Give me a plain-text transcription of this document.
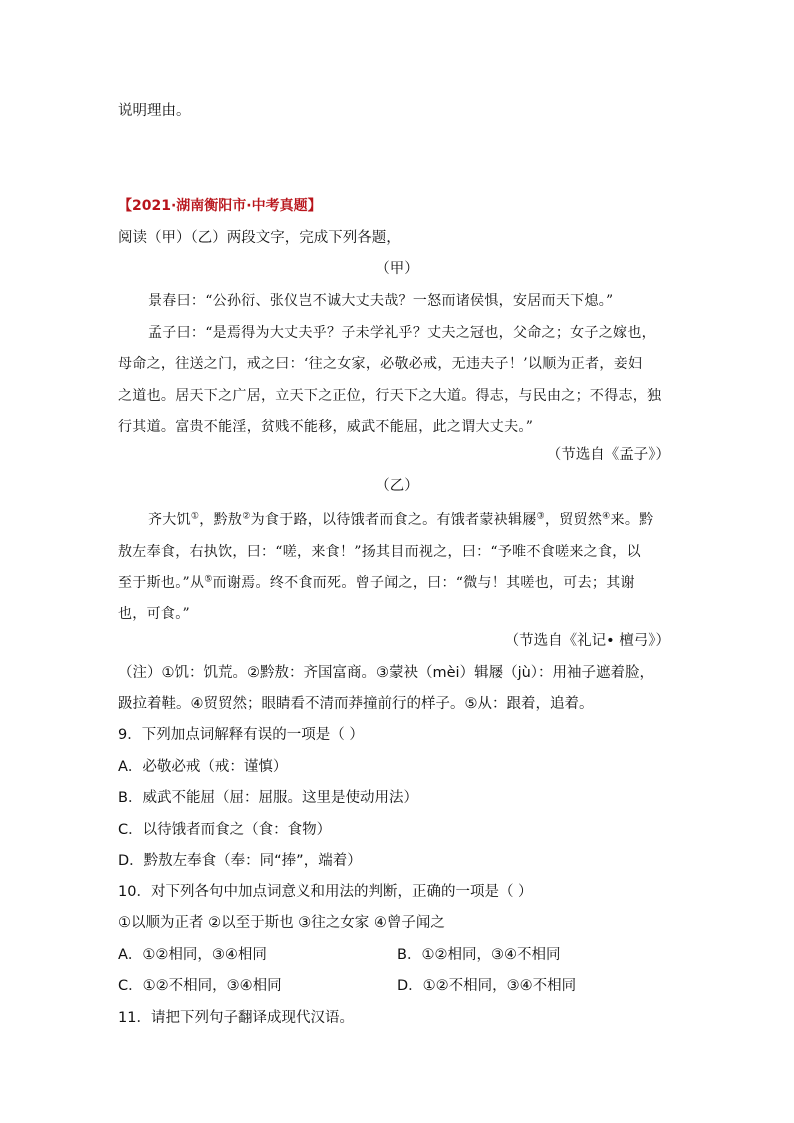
说明理由。
【2021·湖南衡阳市·中考真题】
阅读（甲）（乙）两段文字，完成下列各题，
（甲）
景春曰：“公孙衍、张仪岂不诚大丈夫哉？一怒而诸侯惧，安居而天下熄。”
孟子曰：“是焉得为大丈夫乎？子未学礼乎？丈夫之冠也，父命之；女子之嫁也，
母命之，往送之门，戒之曰：‘往之女家，必敬必戒，无违夫子！’以顺为正者，妾妇
之道也。居天下之广居，立天下之正位，行天下之大道。得志，与民由之；不得志，独
行其道。富贵不能淫，贫贱不能移，威武不能屈，此之谓大丈夫。”
（节选自《孟子》）
（乙）
齐大饥①，黔敖②为食于路，以待饿者而食之。有饿者蒙袂辑屦③，贸贸然④来。黔
敖左奉食，右执饮，曰：“嗟，来食！”扬其目而视之，曰：“予唯不食嗟来之食，以
至于斯也。”从⑤而谢焉。终不食而死。曾子闻之，曰：“微与！其嗟也，可去；其谢
也，可食。”
（节选自《礼记• 檀弓》）
（注）①饥：饥荒。②黔敖：齐国富商。③蒙袂（mèi）辑屦（jù）：用袖子遮着脸，
趿拉着鞋。④贸贸然；眼睛看不清而莽撞前行的样子。⑤从：跟着，追着。
9．下列加点词解释有误的一项是（ ）
A．必敬必戒（戒：谨慎）
B．威武不能屈（屈：屈服。这里是使动用法）
C．以待饿者而食之（食：食物）
D．黔敖左奉食（奉：同“捧”，端着）
10．对下列各句中加点词意义和用法的判断，正确的一项是（ ）
①以顺为正者 ②以至于斯也 ③往之女家 ④曾子闻之
A．①②相同，③④相同	B．①②相同，③④不相同
C．①②不相同，③④相同	D．①②不相同，③④不相同
11．请把下列句子翻译成现代汉语。
